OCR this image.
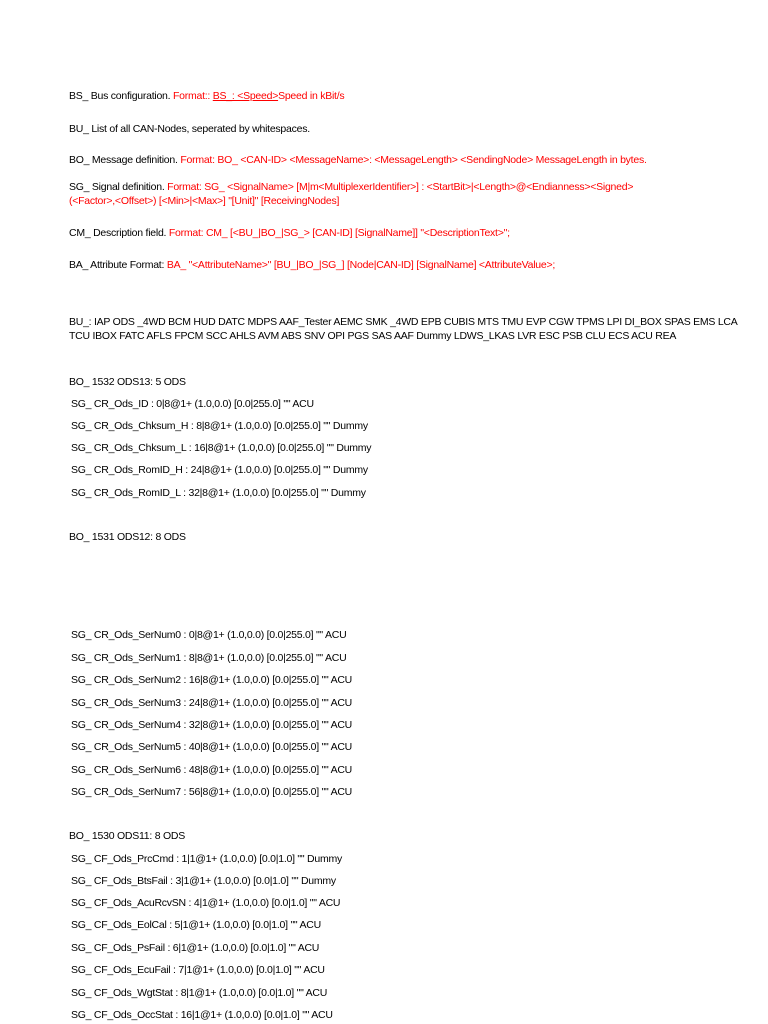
BS_ Bus configuration. Format:: BS_: <Speed>Speed in kBit/s
BU_ List of all CAN-Nodes, seperated by whitespaces.
BO_ Message definition. Format: BO_ <CAN-ID> <MessageName>: <MessageLength> <SendingNode> MessageLength in bytes.
SG_ Signal definition. Format: SG_ <SignalName> [M|m<MultiplexerIdentifier>] : <StartBit>|<Length>@<Endianness><Signed>
(<Factor>,<Offset>) [<Min>|<Max>] "[Unit]" [ReceivingNodes]
CM_ Description field. Format: CM_ [<BU_|BO_|SG_> [CAN-ID] [SignalName]] "<DescriptionText>";
BA_ Attribute Format: BA_ "<AttributeName>" [BU_|BO_|SG_] [Node|CAN-ID] [SignalName] <AttributeValue>;
BU_: IAP ODS _4WD BCM HUD DATC MDPS AAF_Tester AEMC SMK _4WD EPB CUBIS MTS TMU EVP CGW TPMS LPI DI_BOX SPAS EMS LCA
TCU IBOX FATC AFLS FPCM SCC AHLS AVM ABS SNV OPI PGS SAS AAF Dummy LDWS_LKAS LVR ESC PSB CLU ECS ACU REA
BO_ 1532 ODS13: 5 ODS
SG_ CR_Ods_ID : 0|8@1+ (1.0,0.0) [0.0|255.0] "" ACU
SG_ CR_Ods_Chksum_H : 8|8@1+ (1.0,0.0) [0.0|255.0] "" Dummy
SG_ CR_Ods_Chksum_L : 16|8@1+ (1.0,0.0) [0.0|255.0] "" Dummy
SG_ CR_Ods_RomID_H : 24|8@1+ (1.0,0.0) [0.0|255.0] "" Dummy
SG_ CR_Ods_RomID_L : 32|8@1+ (1.0,0.0) [0.0|255.0] "" Dummy
BO_ 1531 ODS12: 8 ODS
SG_ CR_Ods_SerNum0 : 0|8@1+ (1.0,0.0) [0.0|255.0] "" ACU
SG_ CR_Ods_SerNum1 : 8|8@1+ (1.0,0.0) [0.0|255.0] "" ACU
SG_ CR_Ods_SerNum2 : 16|8@1+ (1.0,0.0) [0.0|255.0] "" ACU
SG_ CR_Ods_SerNum3 : 24|8@1+ (1.0,0.0) [0.0|255.0] "" ACU
SG_ CR_Ods_SerNum4 : 32|8@1+ (1.0,0.0) [0.0|255.0] "" ACU
SG_ CR_Ods_SerNum5 : 40|8@1+ (1.0,0.0) [0.0|255.0] "" ACU
SG_ CR_Ods_SerNum6 : 48|8@1+ (1.0,0.0) [0.0|255.0] "" ACU
SG_ CR_Ods_SerNum7 : 56|8@1+ (1.0,0.0) [0.0|255.0] "" ACU
BO_ 1530 ODS11: 8 ODS
SG_ CF_Ods_PrcCmd : 1|1@1+ (1.0,0.0) [0.0|1.0] "" Dummy
SG_ CF_Ods_BtsFail : 3|1@1+ (1.0,0.0) [0.0|1.0] "" Dummy
SG_ CF_Ods_AcuRcvSN : 4|1@1+ (1.0,0.0) [0.0|1.0] "" ACU
SG_ CF_Ods_EolCal : 5|1@1+ (1.0,0.0) [0.0|1.0] "" ACU
SG_ CF_Ods_PsFail : 6|1@1+ (1.0,0.0) [0.0|1.0] "" ACU
SG_ CF_Ods_EcuFail : 7|1@1+ (1.0,0.0) [0.0|1.0] "" ACU
SG_ CF_Ods_WgtStat : 8|1@1+ (1.0,0.0) [0.0|1.0] "" ACU
SG_ CF_Ods_OccStat : 16|1@1+ (1.0,0.0) [0.0|1.0] "" ACU
